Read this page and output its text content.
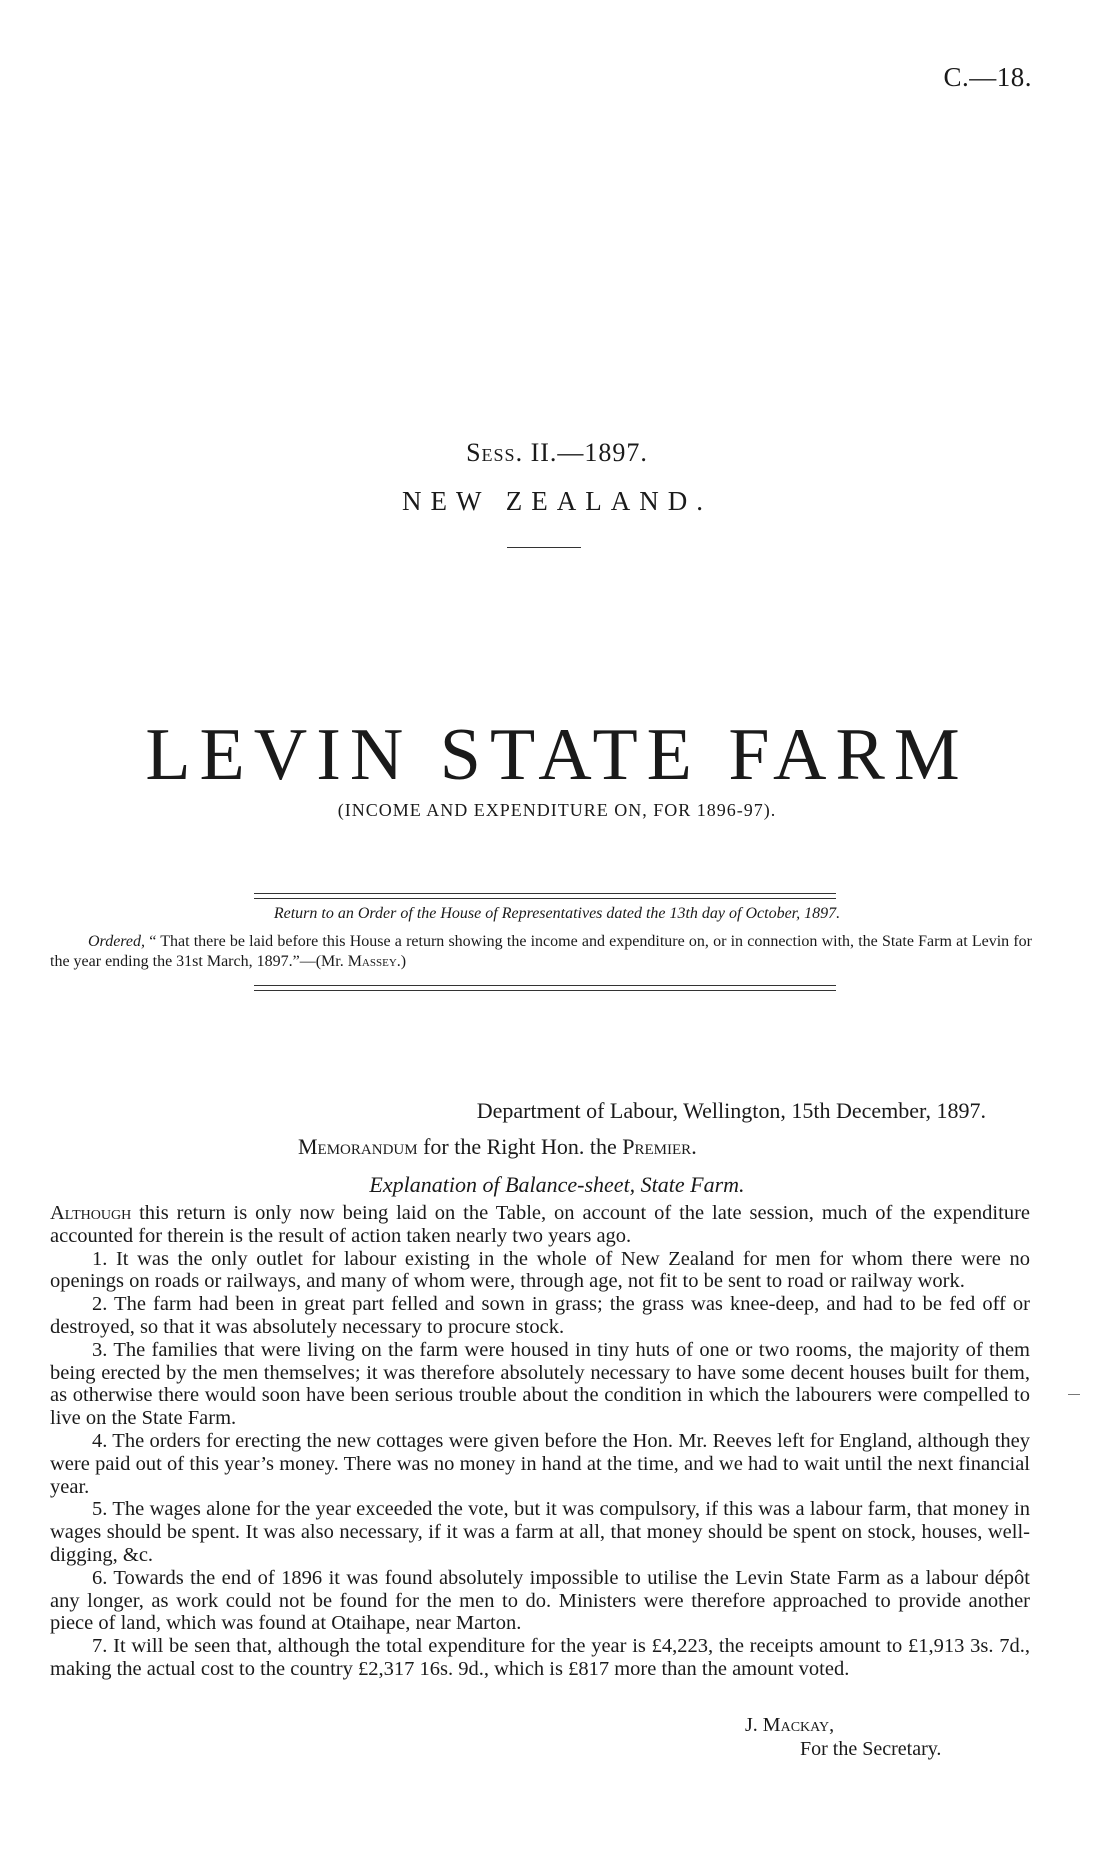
C.—18.
Sess. II.—1897.
NEW ZEALAND.
LEVIN STATE FARM
(INCOME AND EXPENDITURE ON, FOR 1896-97).
Return to an Order of the House of Representatives dated the 13th day of October, 1897.
Ordered, “ That there be laid before this House a return showing the income and expenditure on, or in connection with, the State Farm at Levin for the year ending the 31st March, 1897.”—(Mr. Massey.)
Department of Labour, Wellington, 15th December, 1897.
Memorandum for the Right Hon. the Premier.
Explanation of Balance-sheet, State Farm.

Although this return is only now being laid on the Table, on account of the late session, much of the expenditure accounted for therein is the result of action taken nearly two years ago.

1. It was the only outlet for labour existing in the whole of New Zealand for men for whom there were no openings on roads or railways, and many of whom were, through age, not fit to be sent to road or railway work.

2. The farm had been in great part felled and sown in grass; the grass was knee-deep, and had to be fed off or destroyed, so that it was absolutely necessary to procure stock.

3. The families that were living on the farm were housed in tiny huts of one or two rooms, the majority of them being erected by the men themselves; it was therefore absolutely necessary to have some decent houses built for them, as otherwise there would soon have been serious trouble about the condition in which the labourers were compelled to live on the State Farm.

4. The orders for erecting the new cottages were given before the Hon. Mr. Reeves left for England, although they were paid out of this year’s money. There was no money in hand at the time, and we had to wait until the next financial year.

5. The wages alone for the year exceeded the vote, but it was compulsory, if this was a labour farm, that money in wages should be spent. It was also necessary, if it was a farm at all, that money should be spent on stock, houses, well-digging, &c.

6. Towards the end of 1896 it was found absolutely impossible to utilise the Levin State Farm as a labour dépôt any longer, as work could not be found for the men to do. Ministers were therefore approached to provide another piece of land, which was found at Otaihape, near Marton.

7. It will be seen that, although the total expenditure for the year is £4,223, the receipts amount to £1,913 3s. 7d., making the actual cost to the country £2,317 16s. 9d., which is £817 more than the amount voted.

J. Mackay,
For the Secretary.
